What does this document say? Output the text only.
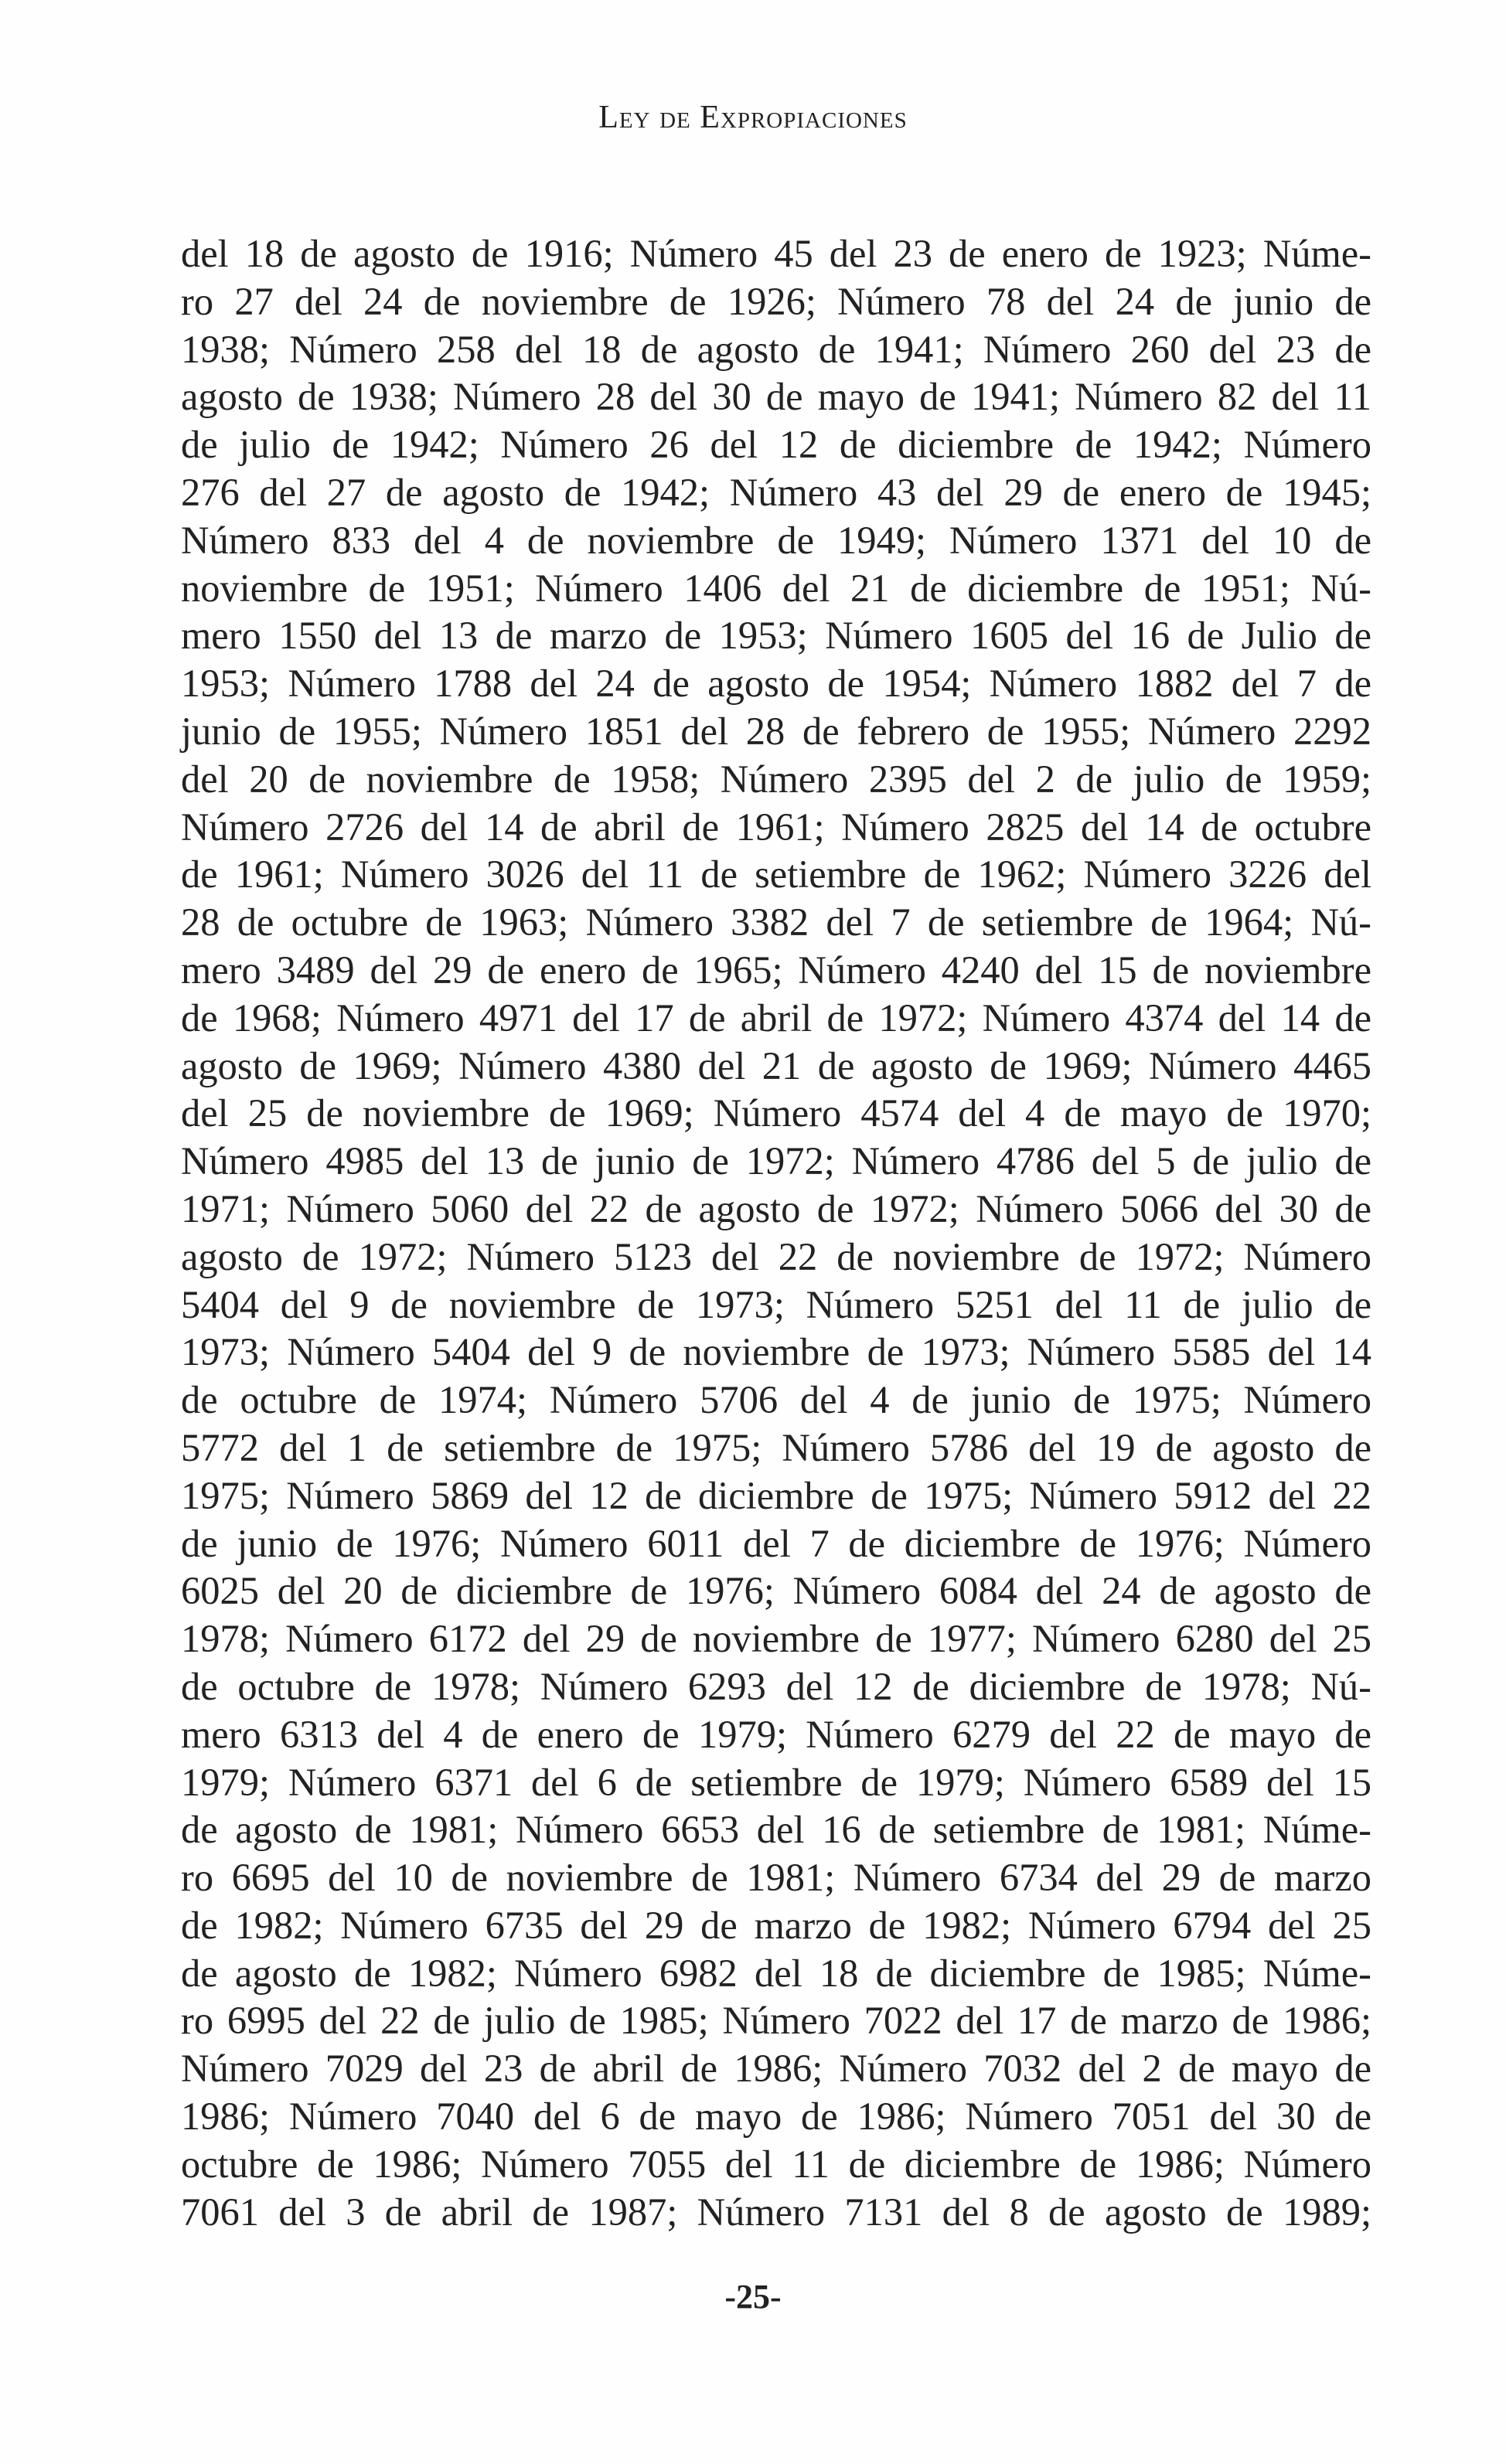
Ley de Expropiaciones
del 18 de agosto de 1916; Número 45 del 23 de enero de 1923; Núme-
ro 27 del 24 de noviembre de 1926; Número 78 del 24 de junio de
1938; Número 258 del 18 de agosto de 1941; Número 260 del 23 de
agosto de 1938; Número 28 del 30 de mayo de 1941; Número 82 del 11
de julio de 1942; Número 26 del 12 de diciembre de 1942; Número
276 del 27 de agosto de 1942; Número 43 del 29 de enero de 1945;
Número 833 del 4 de noviembre de 1949; Número 1371 del 10 de
noviembre de 1951; Número 1406 del 21 de diciembre de 1951; Nú-
mero 1550 del 13 de marzo de 1953; Número 1605 del 16 de Julio de
1953; Número 1788 del 24 de agosto de 1954; Número 1882 del 7 de
junio de 1955; Número 1851 del 28 de febrero de 1955; Número 2292
del 20 de noviembre de 1958; Número 2395 del 2 de julio de 1959;
Número 2726 del 14 de abril de 1961; Número 2825 del 14 de octubre
de 1961; Número 3026 del 11 de setiembre de 1962; Número 3226 del
28 de octubre de 1963; Número 3382 del 7 de setiembre de 1964; Nú-
mero 3489 del 29 de enero de 1965; Número 4240 del 15 de noviembre
de 1968; Número 4971 del 17 de abril de 1972; Número 4374 del 14 de
agosto de 1969; Número 4380 del 21 de agosto de 1969; Número 4465
del 25 de noviembre de 1969; Número 4574 del 4 de mayo de 1970;
Número 4985 del 13 de junio de 1972; Número 4786 del 5 de julio de
1971; Número 5060 del 22 de agosto de 1972; Número 5066 del 30 de
agosto de 1972; Número 5123 del 22 de noviembre de 1972; Número
5404 del 9 de noviembre de 1973; Número 5251 del 11 de julio de
1973; Número 5404 del 9 de noviembre de 1973; Número 5585 del 14
de octubre de 1974; Número 5706 del 4 de junio de 1975; Número
5772 del 1 de setiembre de 1975; Número 5786 del 19 de agosto de
1975; Número 5869 del 12 de diciembre de 1975; Número 5912 del 22
de junio de 1976; Número 6011 del 7 de diciembre de 1976; Número
6025 del 20 de diciembre de 1976; Número 6084 del 24 de agosto de
1978; Número 6172 del 29 de noviembre de 1977; Número 6280 del 25
de octubre de 1978; Número 6293 del 12 de diciembre de 1978; Nú-
mero 6313 del 4 de enero de 1979; Número 6279 del 22 de mayo de
1979; Número 6371 del 6 de setiembre de 1979; Número 6589 del 15
de agosto de 1981; Número 6653 del 16 de setiembre de 1981; Núme-
ro 6695 del 10 de noviembre de 1981; Número 6734 del 29 de marzo
de 1982; Número 6735 del 29 de marzo de 1982; Número 6794 del 25
de agosto de 1982; Número 6982 del 18 de diciembre de 1985; Núme-
ro 6995 del 22 de julio de 1985; Número 7022 del 17 de marzo de 1986;
Número 7029 del 23 de abril de 1986; Número 7032 del 2 de mayo de
1986; Número 7040 del 6 de mayo de 1986; Número 7051 del 30 de
octubre de 1986; Número 7055 del 11 de diciembre de 1986; Número
7061 del 3 de abril de 1987; Número 7131 del 8 de agosto de 1989;
-25-
